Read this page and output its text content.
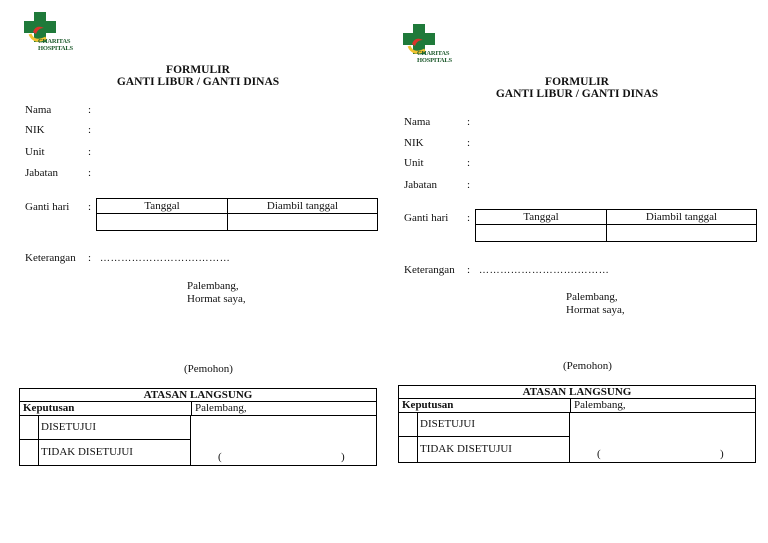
CHARITAS
HOSPITALS
FORMULIR
GANTI LIBUR / GANTI DINAS
Nama	:
NIK	:
Unit	:
Jabatan	:
Ganti hari :	Tanggal	Diambil tanggal

Keterangan : ……………………….………
Palembang,
Hormat saya,
(Pemohon)
ATASAN LANGSUNG
Keputusan	Palembang,
DISETUJUI
TIDAK DISETUJUI	(	)
CHARITAS
HOSPITALS
FORMULIR
GANTI LIBUR / GANTI DINAS
Nama	:
NIK	:
Unit	:
Jabatan	:
Ganti hari :	Tanggal	Diambil tanggal

Keterangan : ……………………….………
Palembang,
Hormat saya,
(Pemohon)
ATASAN LANGSUNG
Keputusan	Palembang,
DISETUJUI
TIDAK DISETUJUI	(	)
